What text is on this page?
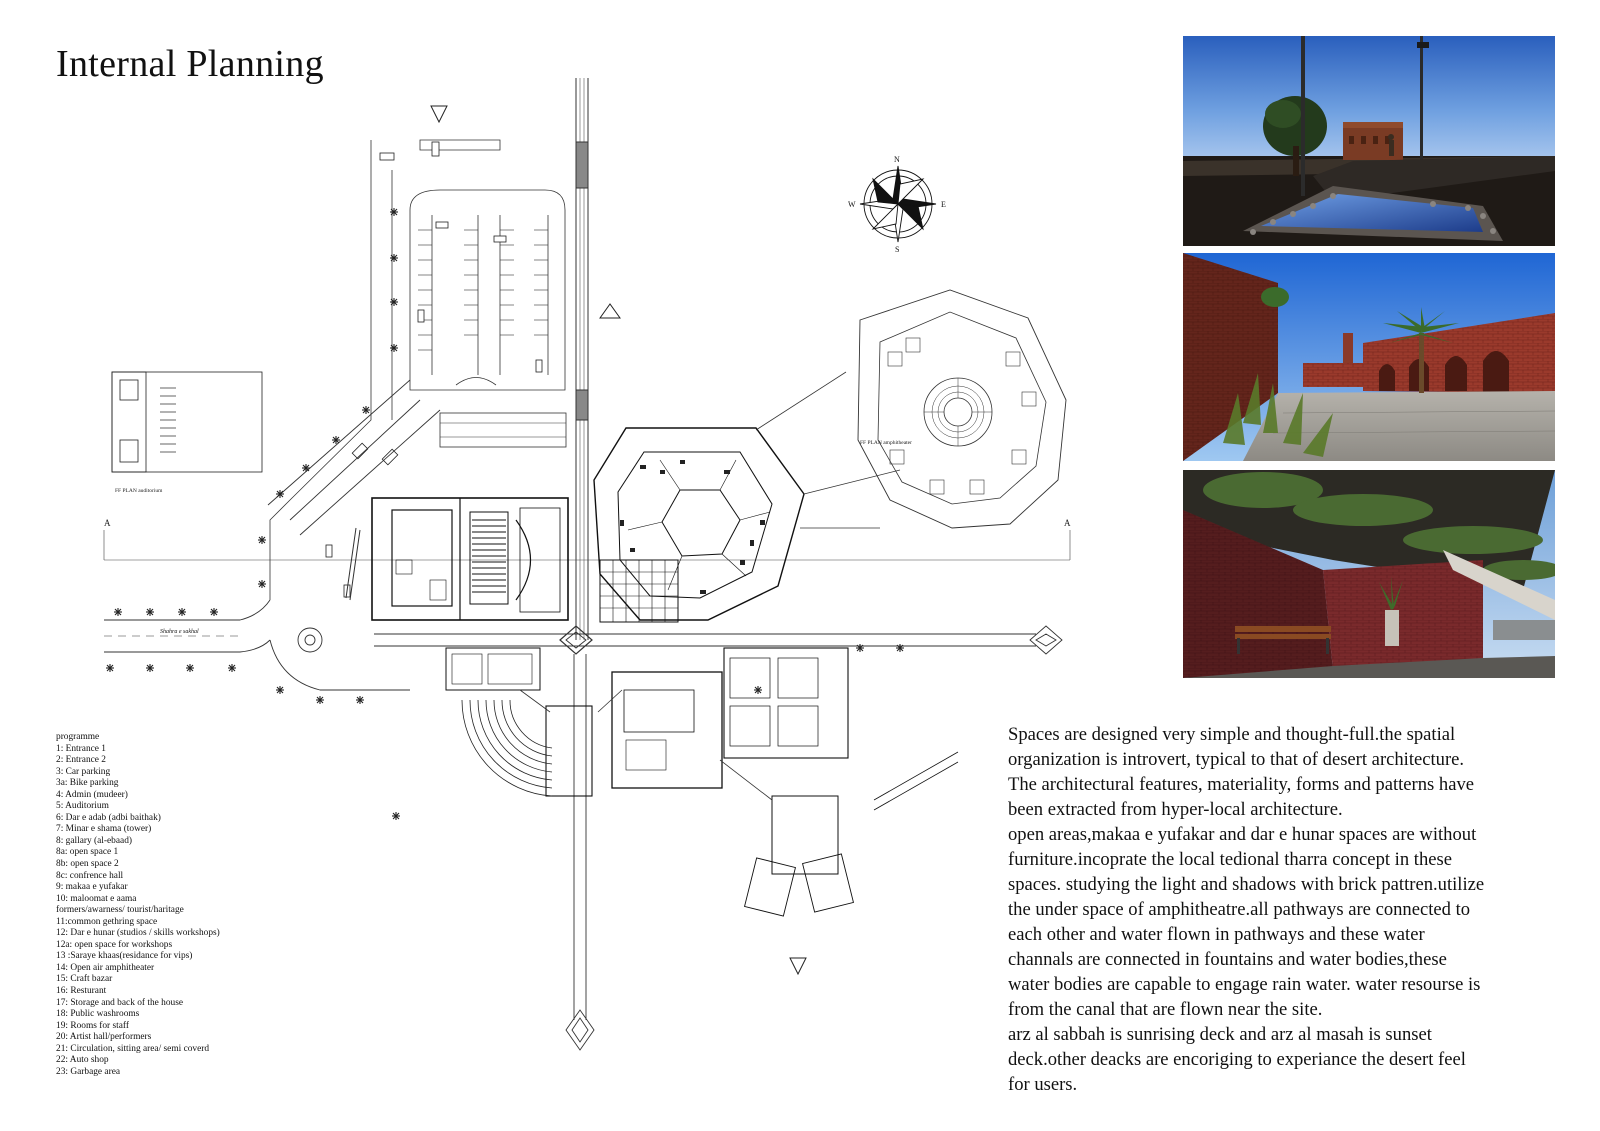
Internal Planning
A	A
FF PLAN auditorium
N
S
E
W
FF PLAN amphitheater
Shahra e sakhal
programme
1: Entrance 1
2: Entrance 2
3: Car parking
3a: Bike parking
4: Admin (mudeer)
5: Auditorium
6: Dar e adab (adbi baithak)
7: Minar e shama (tower)
8: gallary (al-ebaad)
8a: open space 1
8b: open space 2
8c: confrence hall
9: makaa e yufakar
10: maloomat e aama
formers/awarness/ tourist/haritage
11:common gethring space
12: Dar e hunar (studios / skills workshops)
12a: open space for workshops
13 :Saraye khaas(residance for vips)
14: Open air amphitheater
15: Craft bazar
16: Resturant
17: Storage and back of the house
18: Public washrooms
19: Rooms for staff
20: Artist hall/performers
21: Circulation, sitting area/ semi coverd
22: Auto shop
23: Garbage area

Spaces are designed very simple and thought-full.the spatial

organization is introvert, typical to that of desert architecture.

The architectural features, materiality, forms and patterns have

been extracted from hyper-local architecture.

open areas,makaa e yufakar and dar e hunar spaces are without

furniture.incoprate the local tedional tharra concept in these

spaces. studying the light and shadows with brick pattren.utilize

the under space of amphitheatre.all pathways are connected to

each other and water flown in pathways and these water

channals are connected in fountains and water bodies,these

water bodies are capable to engage rain water. water resourse is

from the canal that are flown near the site.

arz al sabbah is sunrising deck and arz al masah is sunset

deck.other deacks are encoriging to experiance the desert feel

for users.
